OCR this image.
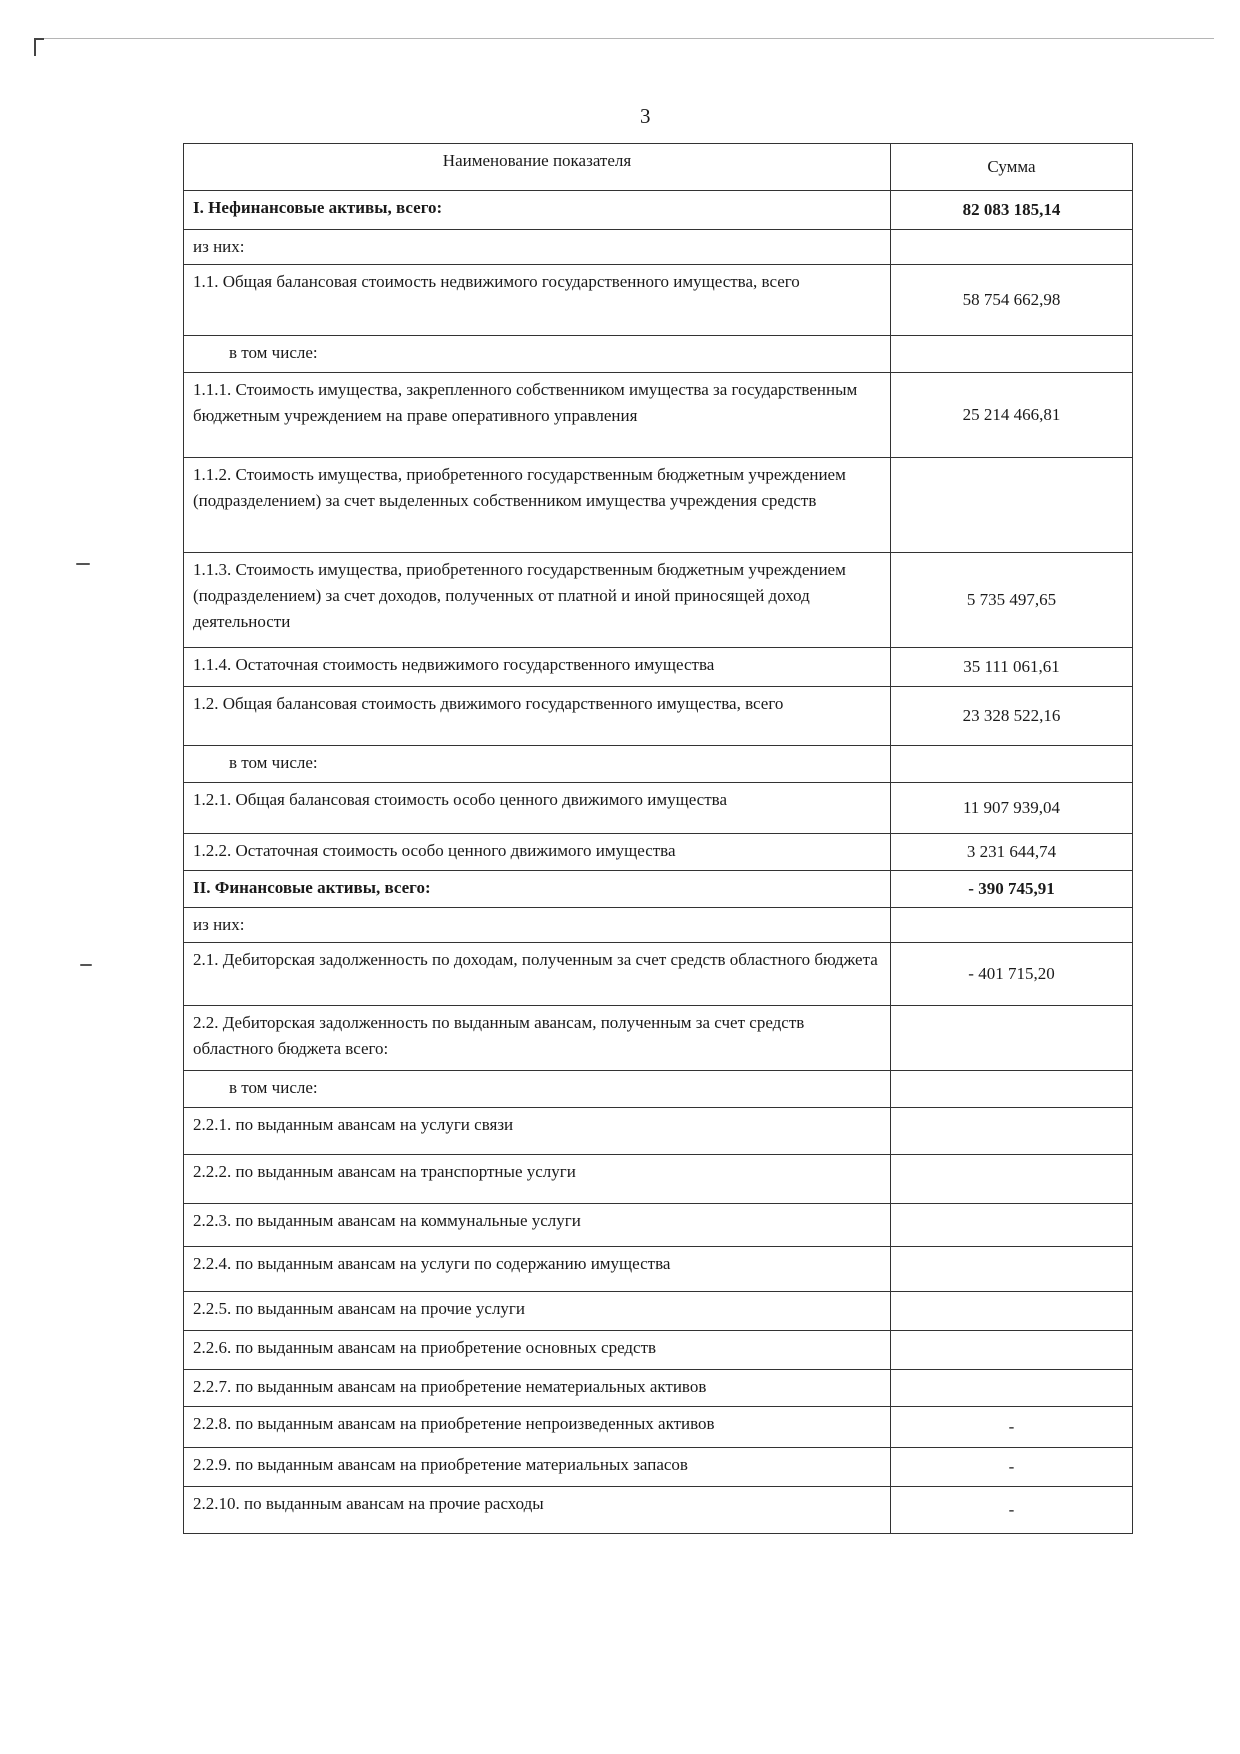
3
Наименование показателя	Сумма
I. Нефинансовые активы, всего:	82 083 185,14
из них:	
1.1. Общая балансовая стоимость недвижимого государственного имущества, всего	58 754 662,98
в том числе:	
1.1.1. Стоимость имущества, закрепленного собственником имущества за государственным бюджетным учреждением на праве оперативного управления	25 214 466,81
1.1.2. Стоимость имущества, приобретенного государственным бюджетным учреждением (подразделением) за счет выделенных собственником имущества учреждения средств	
1.1.3. Стоимость имущества, приобретенного государственным бюджетным учреждением (подразделением) за счет доходов, полученных от платной и иной приносящей доход деятельности	5 735 497,65
1.1.4. Остаточная стоимость недвижимого государственного имущества	35 111 061,61
1.2. Общая балансовая стоимость движимого государственного имущества, всего	23 328 522,16
в том числе:	
1.2.1. Общая балансовая стоимость особо ценного движимого имущества	11 907 939,04
1.2.2. Остаточная стоимость особо ценного движимого имущества	3 231 644,74
II. Финансовые активы, всего:	- 390 745,91
из них:	
2.1. Дебиторская задолженность по доходам, полученным за счет средств областного бюджета	- 401 715,20
2.2. Дебиторская задолженность по выданным авансам, полученным за счет средств областного бюджета всего:	
в том числе:	
2.2.1. по выданным авансам на услуги связи	
2.2.2. по выданным авансам на транспортные услуги	
2.2.3. по выданным авансам на коммунальные услуги	
2.2.4. по выданным авансам на услуги по содержанию имущества	
2.2.5. по выданным авансам на прочие услуги	
2.2.6. по выданным авансам на приобретение основных средств	
2.2.7. по выданным авансам на приобретение нематериальных активов	
2.2.8. по выданным авансам на приобретение непроизведенных активов	-
2.2.9. по выданным авансам на приобретение материальных запасов	-
2.2.10. по выданным авансам на прочие расходы	-
